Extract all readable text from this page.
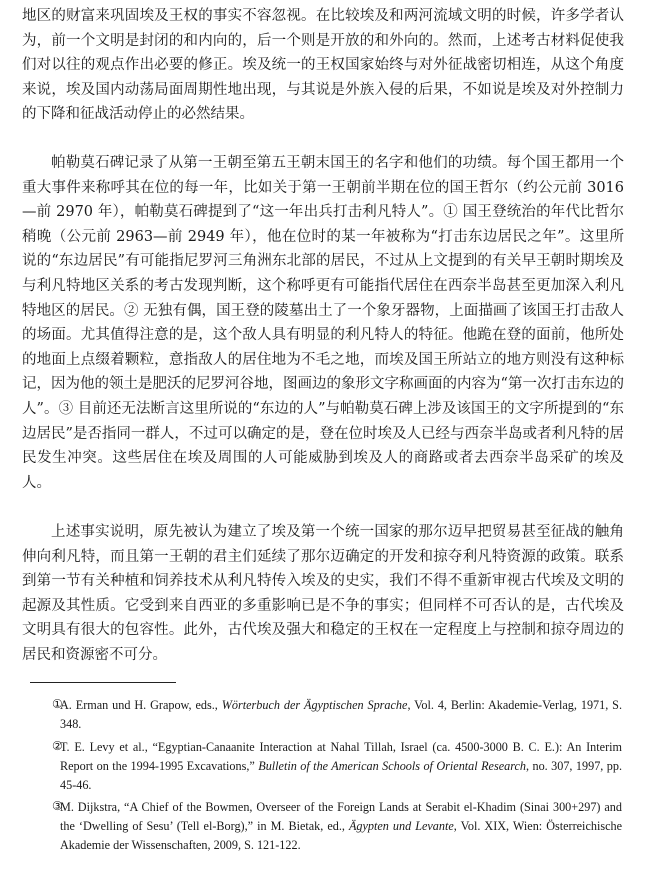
地区的财富来巩固埃及王权的事实不容忽视。在比较埃及和两河流域文明的时候，许多学者认为，前一个文明是封闭的和内向的，后一个则是开放的和外向的。然而，上述考古材料促使我们对以往的观点作出必要的修正。埃及统一的王权国家始终与对外征战密切相连，从这个角度来说，埃及国内动荡局面周期性地出现，与其说是外族入侵的后果，不如说是埃及对外控制力的下降和征战活动停止的必然结果。

帕勒莫石碑记录了从第一王朝至第五王朝末国王的名字和他们的功绩。每个国王都用一个重大事件来称呼其在位的每一年，比如关于第一王朝前半期在位的国王哲尔（约公元前 3016—前 2970 年），帕勒莫石碑提到了“这一年出兵打击利凡特人”。① 国王登统治的年代比哲尔稍晚（公元前 2963—前 2949 年），他在位时的某一年被称为“打击东边居民之年”。这里所说的“东边居民”有可能指尼罗河三角洲东北部的居民，不过从上文提到的有关早王朝时期埃及与利凡特地区关系的考古发现判断，这个称呼更有可能指代居住在西奈半岛甚至更加深入利凡特地区的居民。② 无独有偶，国王登的陵墓出土了一个象牙器物，上面描画了该国王打击敌人的场面。尤其值得注意的是，这个敌人具有明显的利凡特人的特征。他跪在登的面前，他所处的地面上点缀着颗粒，意指敌人的居住地为不毛之地，而埃及国王所站立的地方则没有这种标记，因为他的领土是肥沃的尼罗河谷地，图画边的象形文字称画面的内容为“第一次打击东边的人”。③ 目前还无法断言这里所说的“东边的人”与帕勒莫石碑上涉及该国王的文字所提到的“东边居民”是否指同一群人，不过可以确定的是，登在位时埃及人已经与西奈半岛或者利凡特的居民发生冲突。这些居住在埃及周围的人可能威胁到埃及人的商路或者去西奈半岛采矿的埃及人。

上述事实说明，原先被认为建立了埃及第一个统一国家的那尔迈早把贸易甚至征战的触角伸向利凡特，而且第一王朝的君主们延续了那尔迈确定的开发和掠夺利凡特资源的政策。联系到第一节有关种植和饲养技术从利凡特传入埃及的史实，我们不得不重新审视古代埃及文明的起源及其性质。它受到来自西亚的多重影响已是不争的事实；但同样不可否认的是，古代埃及文明具有很大的包容性。此外，古代埃及强大和稳定的王权在一定程度上与控制和掠夺周边的居民和资源密不可分。

①
A. Erman und H. Grapow, eds., Wörterbuch der Ägyptischen Sprache, Vol. 4, Berlin: Akademie-Verlag, 1971, S. 348.
②
T. E. Levy et al., “Egyptian-Canaanite Interaction at Nahal Tillah, Israel (ca. 4500-3000 B. C. E.): An Interim Report on the 1994-1995 Excavations,” Bulletin of the American Schools of Oriental Research, no. 307, 1997, pp. 45-46.
③
M. Dijkstra, “A Chief of the Bowmen, Overseer of the Foreign Lands at Serabit el-Khadim (Sinai 300+297) and the ‘Dwelling of Sesu’ (Tell el-Borg),” in M. Bietak, ed., Ägypten und Levante, Vol. XIX, Wien: Österreichische Akademie der Wissenschaften, 2009, S. 121-122.
